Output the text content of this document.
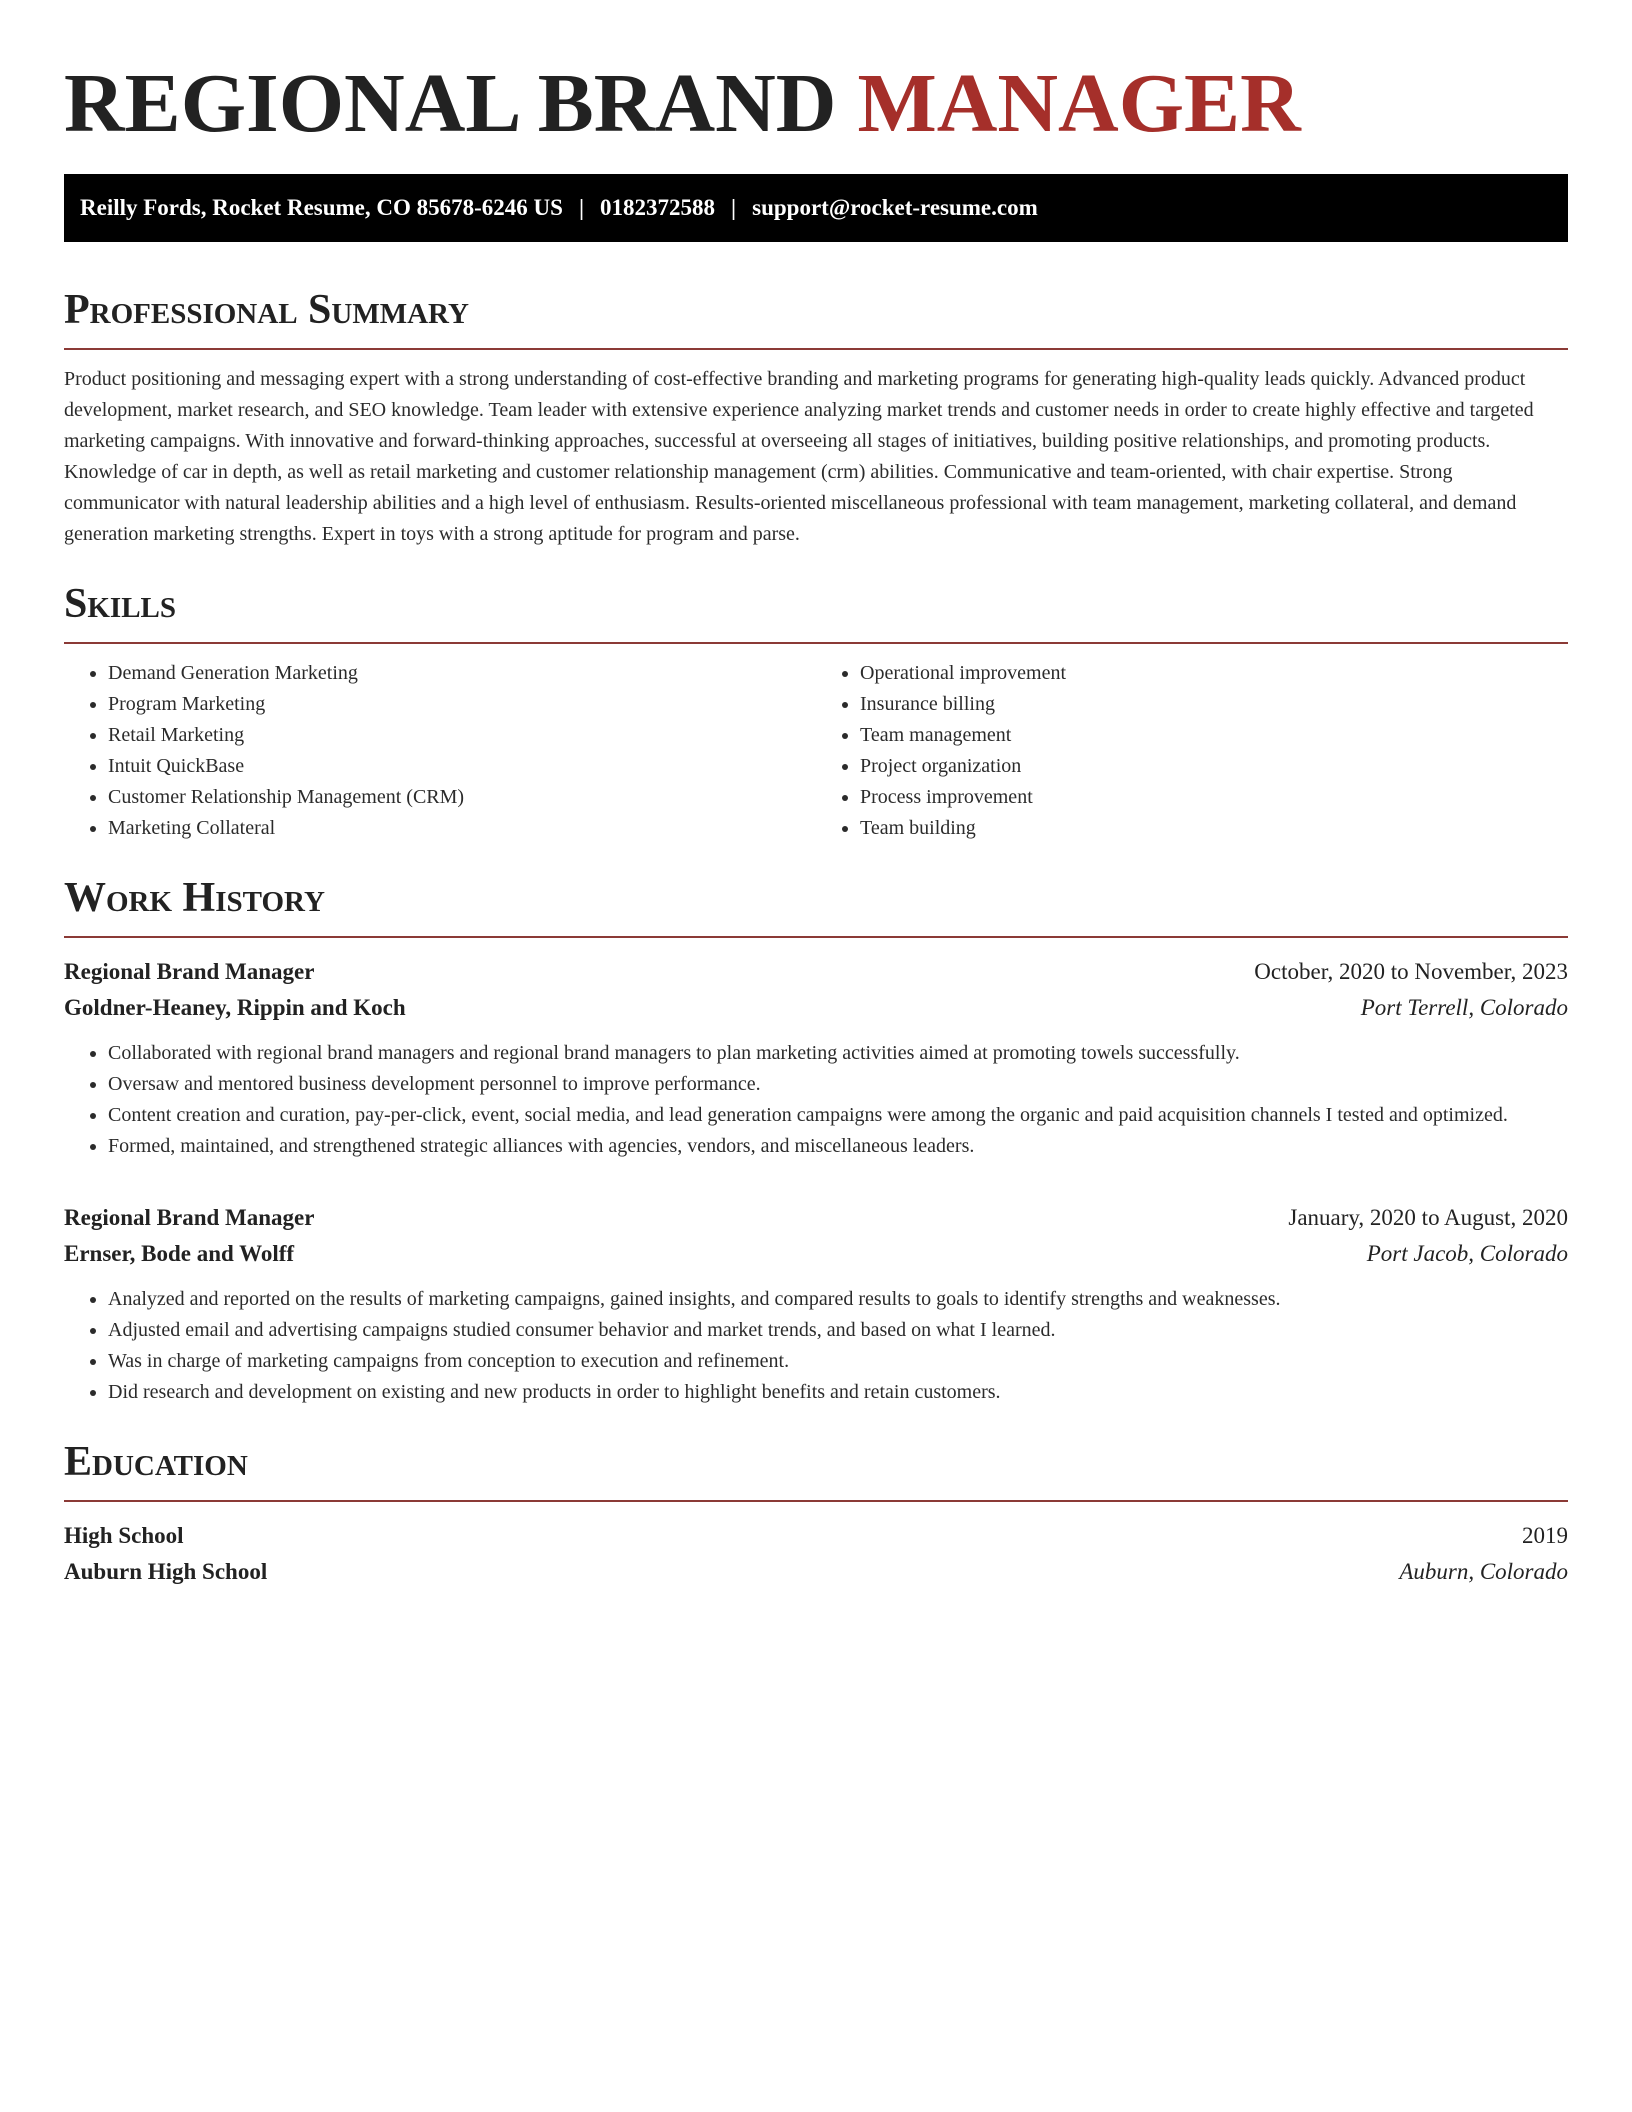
REGIONAL BRAND MANAGER
Reilly Fords, Rocket Resume, CO 85678-6246 US | 0182372588 | support@rocket-resume.com
Professional Summary

Product positioning and messaging expert with a strong understanding of cost-effective branding and marketing programs for generating high-quality leads quickly. Advanced product development, market research, and SEO knowledge. Team leader with extensive experience analyzing market trends and customer needs in order to create highly effective and targeted marketing campaigns. With innovative and forward-thinking approaches, successful at overseeing all stages of initiatives, building positive relationships, and promoting products. Knowledge of car in depth, as well as retail marketing and customer relationship management (crm) abilities. Communicative and team-oriented, with chair expertise. Strong communicator with natural leadership abilities and a high level of enthusiasm. Results-oriented miscellaneous professional with team management, marketing collateral, and demand generation marketing strengths. Expert in toys with a strong aptitude for program and parse.

Skills
• Demand Generation Marketing
• Program Marketing
• Retail Marketing
• Intuit QuickBase
• Customer Relationship Management (CRM)
• Marketing Collateral
• Operational improvement
• Insurance billing
• Team management
• Project organization
• Process improvement
• Team building
Work History
Regional Brand Manager	October, 2020 to November, 2023
Goldner-Heaney, Rippin and Koch	Port Terrell, Colorado
• Collaborated with regional brand managers and regional brand managers to plan marketing activities aimed at promoting towels successfully.
• Oversaw and mentored business development personnel to improve performance.
• Content creation and curation, pay-per-click, event, social media, and lead generation campaigns were among the organic and paid acquisition channels I tested and optimized.
• Formed, maintained, and strengthened strategic alliances with agencies, vendors, and miscellaneous leaders.
Regional Brand Manager	January, 2020 to August, 2020
Ernser, Bode and Wolff	Port Jacob, Colorado
• Analyzed and reported on the results of marketing campaigns, gained insights, and compared results to goals to identify strengths and weaknesses.
• Adjusted email and advertising campaigns studied consumer behavior and market trends, and based on what I learned.
• Was in charge of marketing campaigns from conception to execution and refinement.
• Did research and development on existing and new products in order to highlight benefits and retain customers.
Education
High School	2019
Auburn High School	Auburn, Colorado
